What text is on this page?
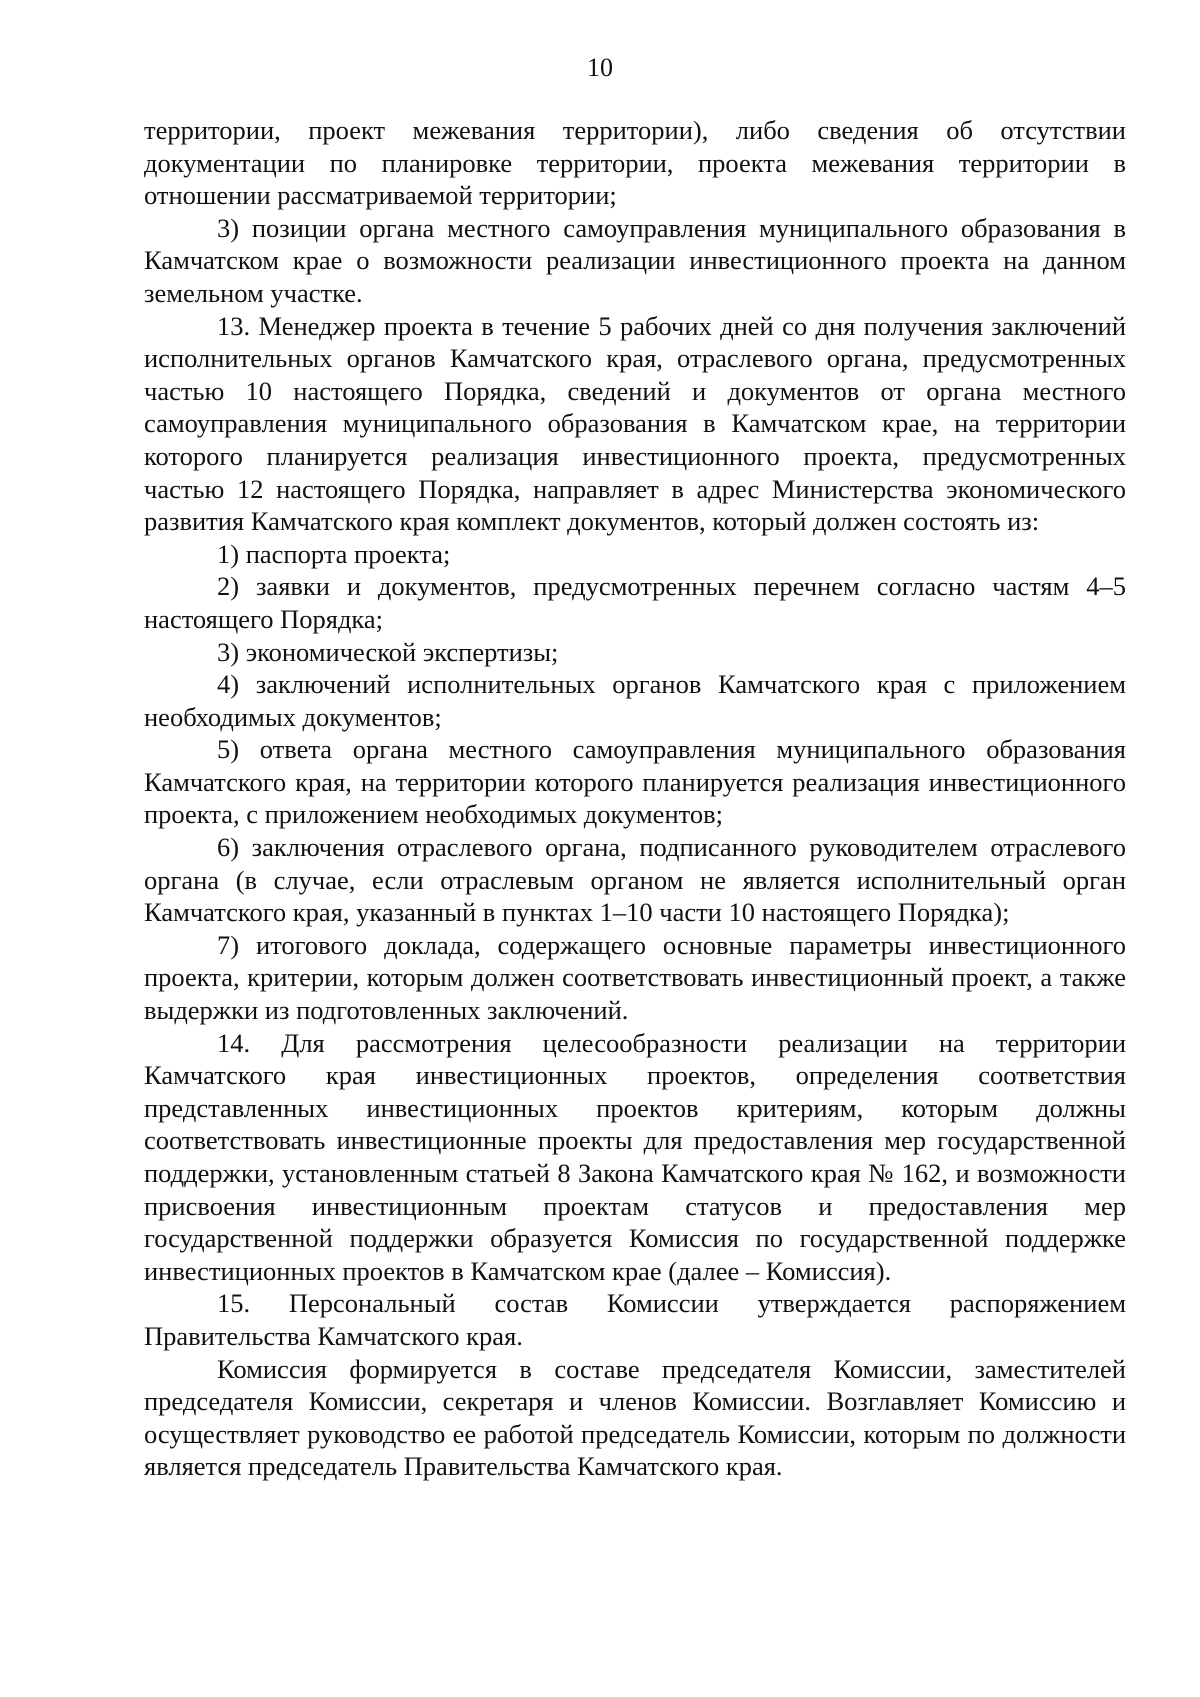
10

территории, проект межевания территории), либо сведения об отсутствии документации по планировке территории, проекта межевания территории в отношении рассматриваемой территории;

3) позиции органа местного самоуправления муниципального образования в Камчатском крае о возможности реализации инвестиционного проекта на данном земельном участке.

13. Менеджер проекта в течение 5 рабочих дней со дня получения заключений исполнительных органов Камчатского края, отраслевого органа, предусмотренных частью 10 настоящего Порядка, сведений и документов от органа местного самоуправления муниципального образования в Камчатском крае, на территории которого планируется реализация инвестиционного проекта, предусмотренных частью 12 настоящего Порядка, направляет в адрес Министерства экономического развития Камчатского края комплект документов, который должен состоять из:

1) паспорта проекта;

2) заявки и документов, предусмотренных перечнем согласно частям 4–5 настоящего Порядка;

3) экономической экспертизы;

4) заключений исполнительных органов Камчатского края с приложением необходимых документов;

5) ответа органа местного самоуправления муниципального образования Камчатского края, на территории которого планируется реализация инвестиционного проекта, с приложением необходимых документов;

6) заключения отраслевого органа, подписанного руководителем отраслевого органа (в случае, если отраслевым органом не является исполнительный орган Камчатского края, указанный в пунктах 1–10 части 10 настоящего Порядка);

7) итогового доклада, содержащего основные параметры инвестиционного проекта, критерии, которым должен соответствовать инвестиционный проект, а также выдержки из подготовленных заключений.

14. Для рассмотрения целесообразности реализации на территории Камчатского края инвестиционных проектов, определения соответствия представленных инвестиционных проектов критериям, которым должны соответствовать инвестиционные проекты для предоставления мер государственной поддержки, установленным статьей 8 Закона Камчатского края № 162, и возможности присвоения инвестиционным проектам статусов и предоставления мер государственной поддержки образуется Комиссия по государственной поддержке инвестиционных проектов в Камчатском крае (далее – Комиссия).

15. Персональный состав Комиссии утверждается распоряжением Правительства Камчатского края.

Комиссия формируется в составе председателя Комиссии, заместителей председателя Комиссии, секретаря и членов Комиссии. Возглавляет Комиссию и осуществляет руководство ее работой председатель Комиссии, которым по должности является председатель Правительства Камчатского края.
